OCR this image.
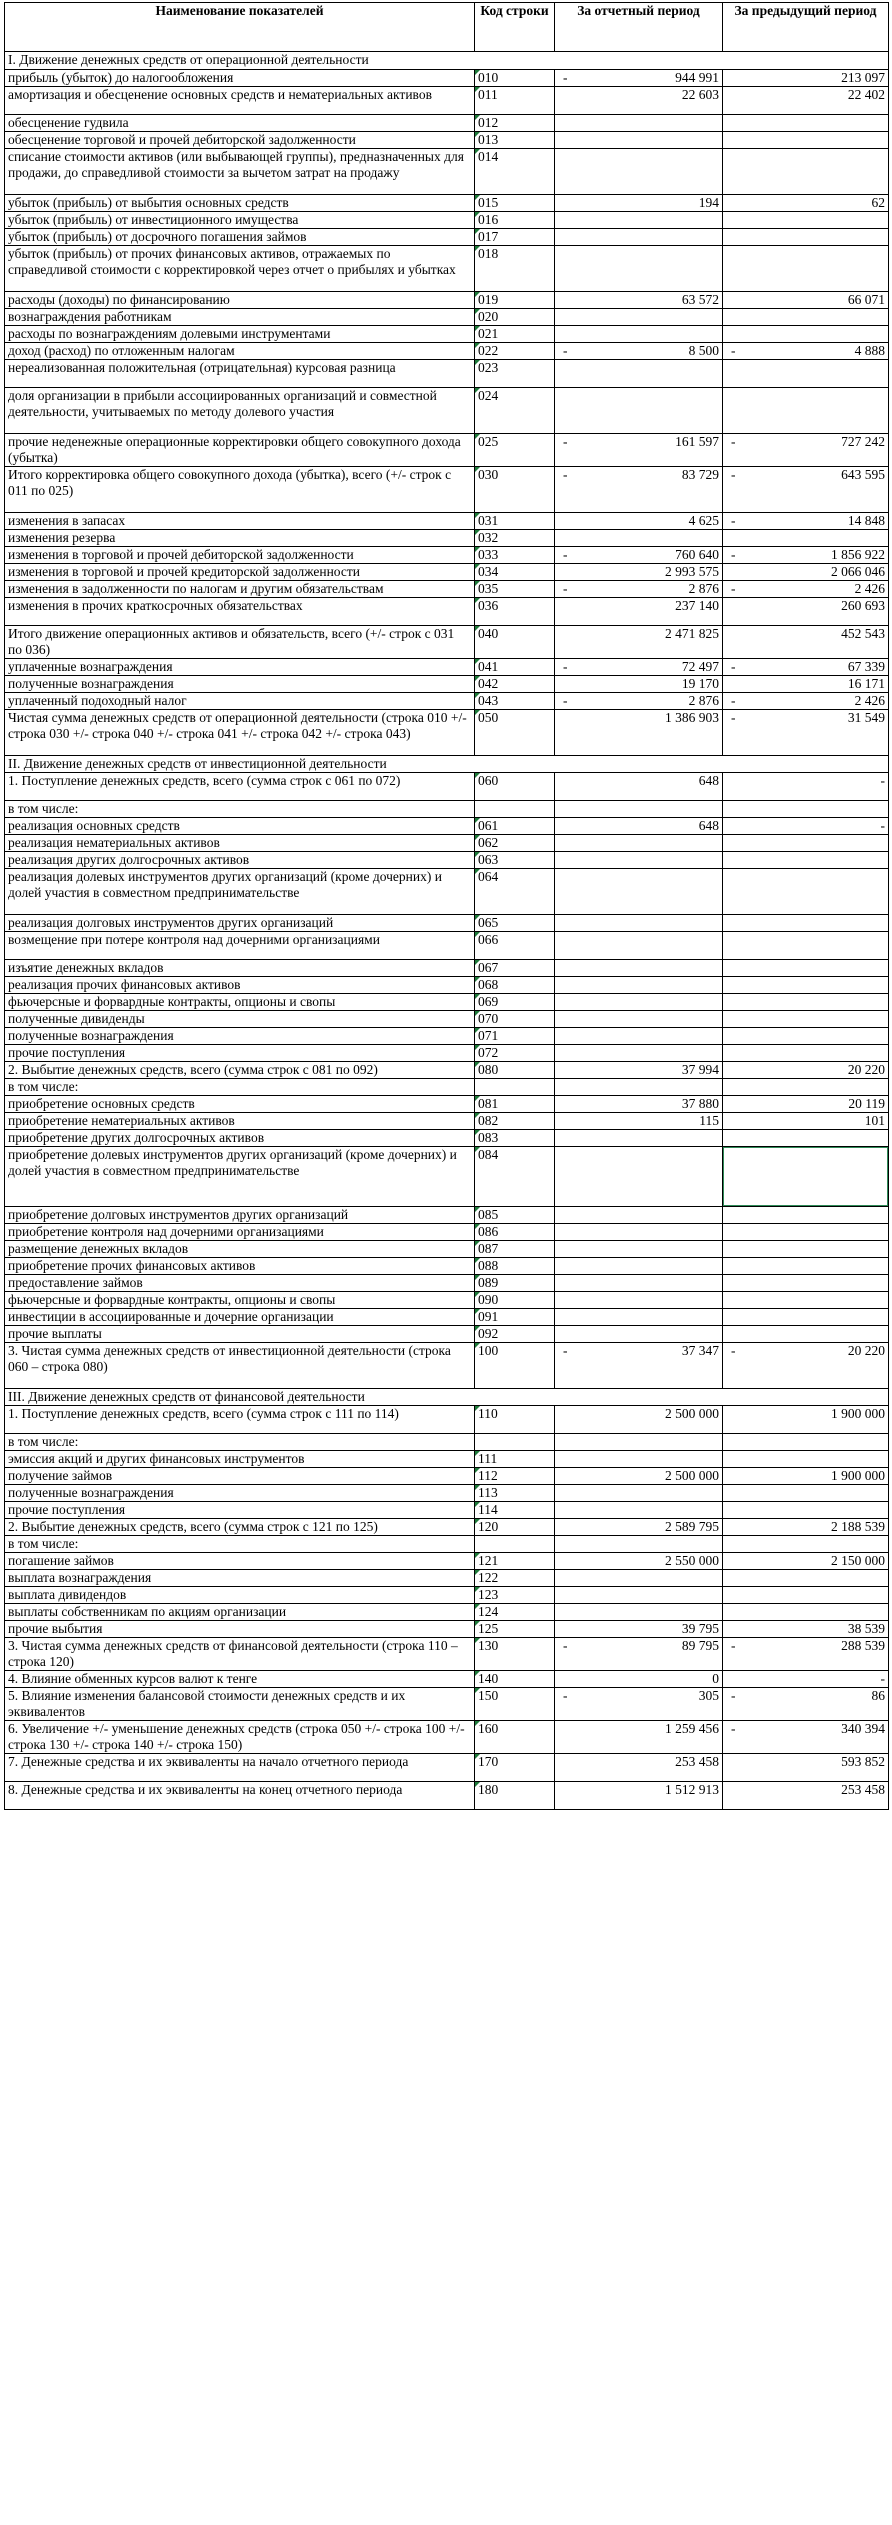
Наименование показателей	Код строки	За отчетный период	За предыдущий период
I. Движение денежных средств от операционной деятельности			
прибыль (убыток) до налогообложения	010	- 944 991	213 097
амортизация и обесценение основных средств и нематериальных активов	011	22 603	22 402
обесценение гудвила	012	

обесценение торговой и прочей дебиторской задолженности	013	

списание стоимости активов (или выбывающей группы), предназначенных для продажи, до справедливой стоимости за вычетом затрат на продажу	014	

убыток (прибыль) от выбытия основных средств	015	194	62
убыток (прибыль) от инвестиционного имущества	016	

убыток (прибыль) от досрочного погашения займов	017	

убыток (прибыль) от прочих финансовых активов, отражаемых по справедливой стоимости с корректировкой через отчет о прибылях и убытках	018	

расходы (доходы) по финансированию	019	63 572	66 071
вознаграждения работникам	020	

расходы по вознаграждениям долевыми инструментами	021	

доход (расход) по отложенным налогам	022	- 8 500	- 4 888
нереализованная положительная (отрицательная) курсовая разница	023	

доля организации в прибыли ассоциированных организаций и совместной деятельности, учитываемых по методу долевого участия	024	

прочие неденежные операционные корректировки общего совокупного дохода (убытка)	025	- 161 597	- 727 242
Итого корректировка общего совокупного дохода (убытка), всего (+/- строк с 011 по 025)	030	- 83 729	- 643 595
изменения в запасах	031	4 625	- 14 848
изменения резерва	032	

изменения в торговой и прочей дебиторской задолженности	033	- 760 640	- 1 856 922
изменения в торговой и прочей кредиторской задолженности	034	2 993 575	2 066 046
изменения в задолженности по налогам и другим обязательствам	035	- 2 876	- 2 426
изменения в прочих краткосрочных обязательствах	036	237 140	260 693
Итого движение операционных активов и обязательств, всего (+/- строк с 031 по 036)	040	2 471 825	452 543
уплаченные вознаграждения	041	- 72 497	- 67 339
полученные вознаграждения	042	19 170	16 171
уплаченный подоходный налог	043	- 2 876	- 2 426
Чистая сумма денежных средств от операционной деятельности (строка 010 +/- строка 030 +/- строка 040 +/- строка 041 +/- строка 042 +/- строка 043)	050	1 386 903	- 31 549
II. Движение денежных средств от инвестиционной деятельности			
1. Поступление денежных средств, всего (сумма строк с 061 по 072)	060	648	-
в том числе:		

реализация основных средств	061	648	-
реализация нематериальных активов	062	

реализация других долгосрочных активов	063	

реализация долевых инструментов других организаций (кроме дочерних) и долей участия в совместном предпринимательстве	064	

реализация долговых инструментов других организаций	065	

возмещение при потере контроля над дочерними организациями	066	

изъятие денежных вкладов	067	

реализация прочих финансовых активов	068	

фьючерсные и форвардные контракты, опционы и свопы	069	

полученные дивиденды	070	

полученные вознаграждения	071	

прочие поступления	072	

2. Выбытие денежных средств, всего (сумма строк с 081 по 092)	080	37 994	20 220
в том числе:		

приобретение основных средств	081	37 880	20 119
приобретение нематериальных активов	082	115	101
приобретение других долгосрочных активов	083	

приобретение долевых инструментов других организаций (кроме дочерних) и долей участия в совместном предпринимательстве	084	

приобретение долговых инструментов других организаций	085	

приобретение контроля над дочерними организациями	086	

размещение денежных вкладов	087	

приобретение прочих финансовых активов	088	

предоставление займов	089	

фьючерсные и форвардные контракты, опционы и свопы	090	

инвестиции в ассоциированные и дочерние организации	091	

прочие выплаты	092	

3. Чистая сумма денежных средств от инвестиционной деятельности (строка 060 – строка 080)	100	- 37 347	- 20 220
III. Движение денежных средств от финансовой деятельности			
1. Поступление денежных средств, всего (сумма строк с 111 по 114)	110	2 500 000	1 900 000
в том числе:		

эмиссия акций и других финансовых инструментов	111	

получение займов	112	2 500 000	1 900 000
полученные вознаграждения	113	

прочие поступления	114	

2. Выбытие денежных средств, всего (сумма строк с 121 по 125)	120	2 589 795	2 188 539
в том числе:		

погашение займов	121	2 550 000	2 150 000
выплата вознаграждения	122	

выплата дивидендов	123	

выплаты собственникам по акциям организации	124	

прочие выбытия	125	39 795	38 539
3. Чистая сумма денежных средств от финансовой деятельности (строка 110 – строка 120)	130	- 89 795	- 288 539
4. Влияние обменных курсов валют к тенге	140	0	-
5. Влияние изменения балансовой стоимости денежных средств и их эквивалентов	150	- 305	- 86
6. Увеличение +/- уменьшение денежных средств (строка 050 +/- строка 100 +/- строка 130 +/- строка 140 +/- строка 150)	160	1 259 456	- 340 394
7. Денежные средства и их эквиваленты на начало отчетного периода	170	253 458	593 852
8. Денежные средства и их эквиваленты на конец отчетного периода	180	1 512 913	253 458
